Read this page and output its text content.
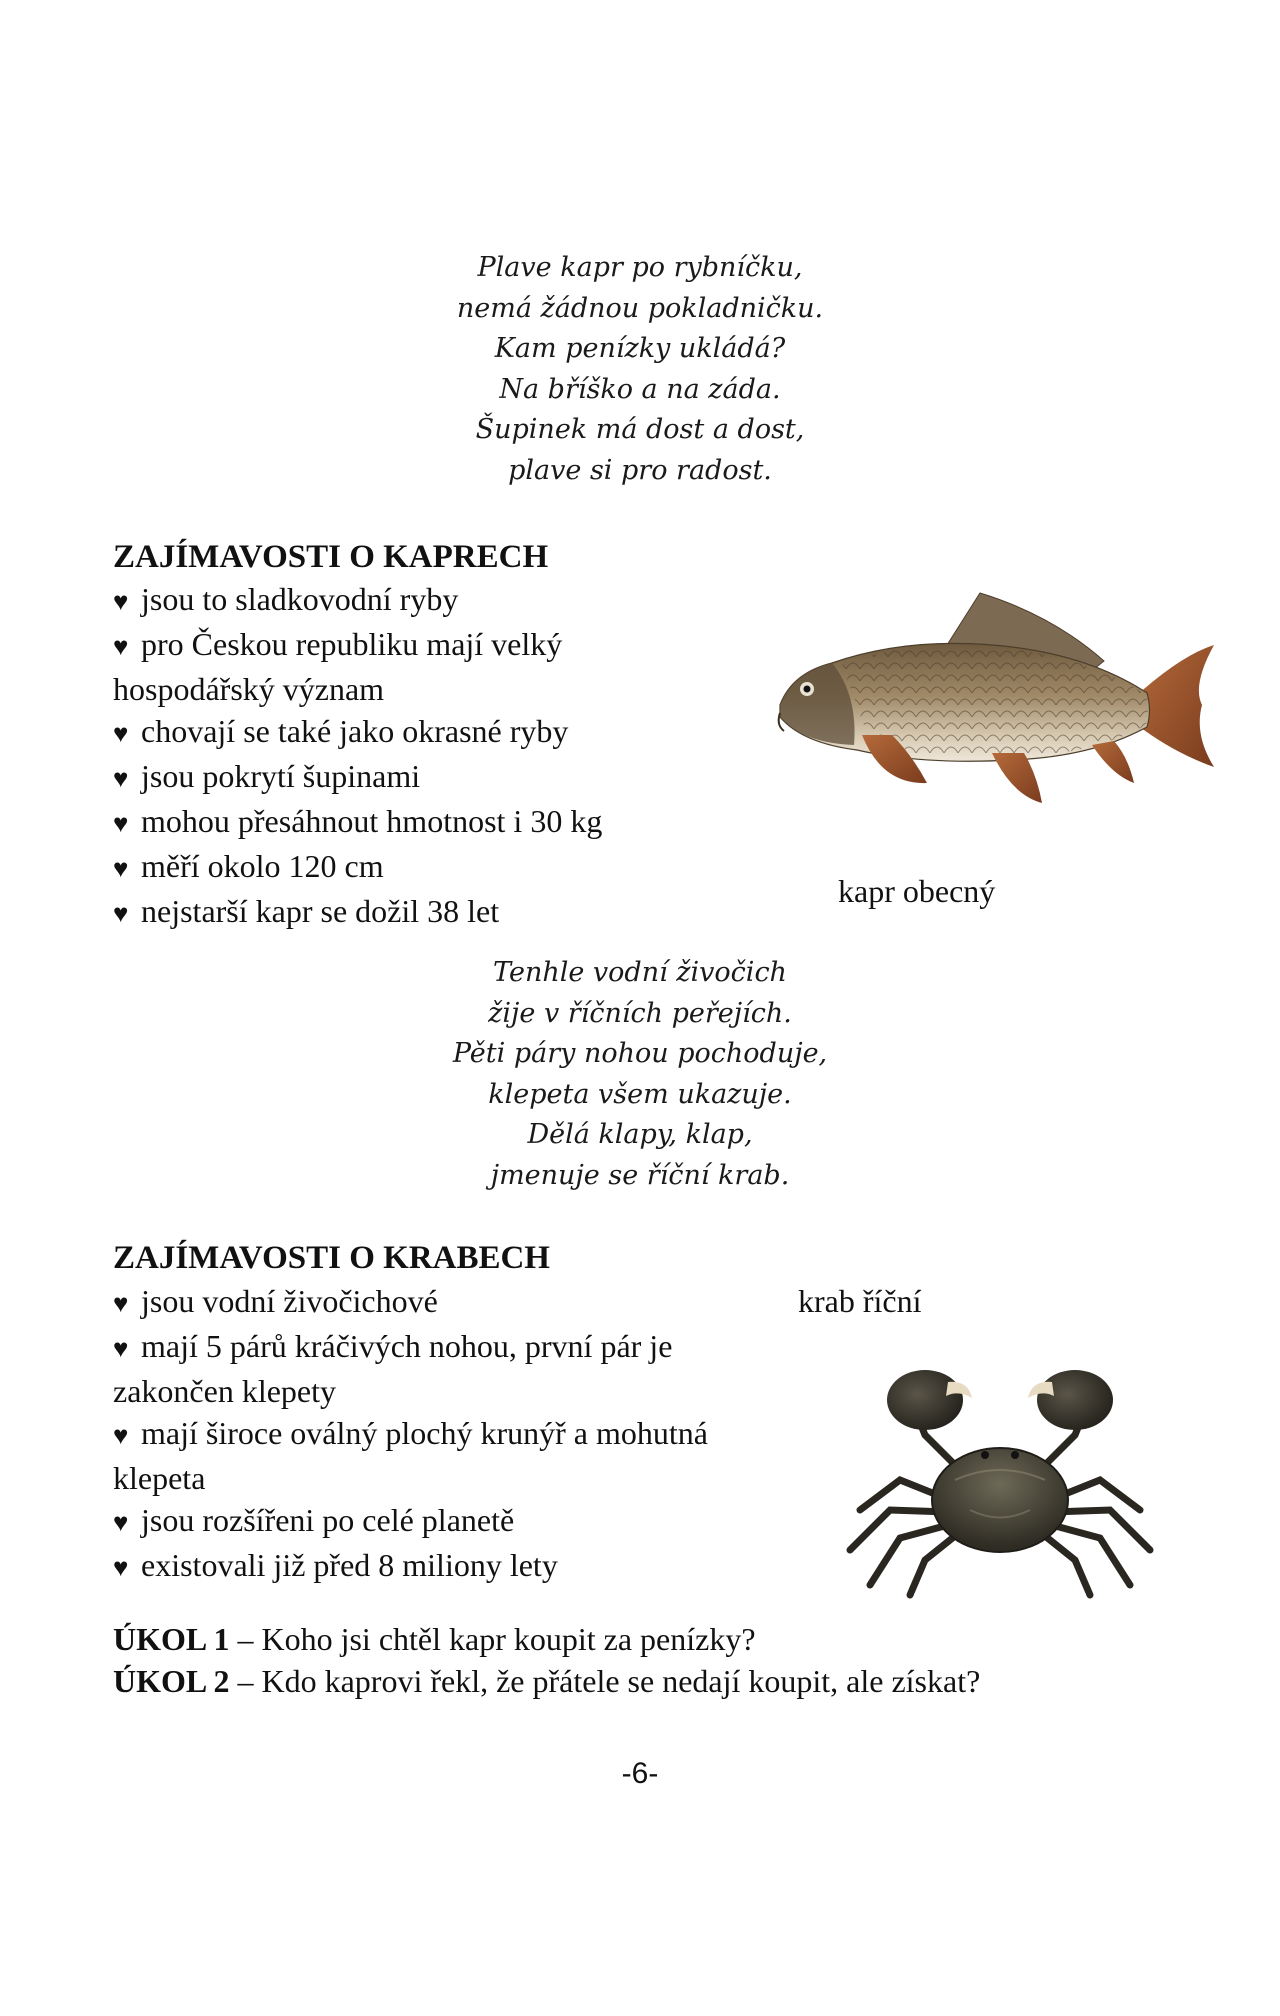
Plave kapr po rybníčku,
nemá žádnou pokladničku.
Kam penízky ukládá?
Na bříško a na záda.
Šupinek má dost a dost,
plave si pro radost.
ZAJÍMAVOSTI O KAPRECH
♥ jsou to sladkovodní ryby
♥ pro Českou republiku mají velký hospodářský význam
♥ chovají se také jako okrasné ryby
♥ jsou pokrytí šupinami
♥ mohou přesáhnout hmotnost i 30 kg
♥ měří okolo 120 cm
♥ nejstarší kapr se dožil 38 let
kapr obecný
Tenhle vodní živočich
žije v říčních peřejích.
Pěti páry nohou pochoduje,
klepeta všem ukazuje.
Dělá klapy, klap,
jmenuje se říční krab.
ZAJÍMAVOSTI O KRABECH
♥ jsou vodní živočichové
♥ mají 5 párů kráčivých nohou, první pár je zakončen klepety
♥ mají široce oválný plochý krunýř a mohutná klepeta
♥ jsou rozšířeni po celé planetě
♥ existovali již před 8 miliony lety
krab říční
ÚKOL 1 – Koho jsi chtěl kapr koupit za penízky?
ÚKOL 2 – Kdo kaprovi řekl, že přátele se nedají koupit, ale získat?
-6-
